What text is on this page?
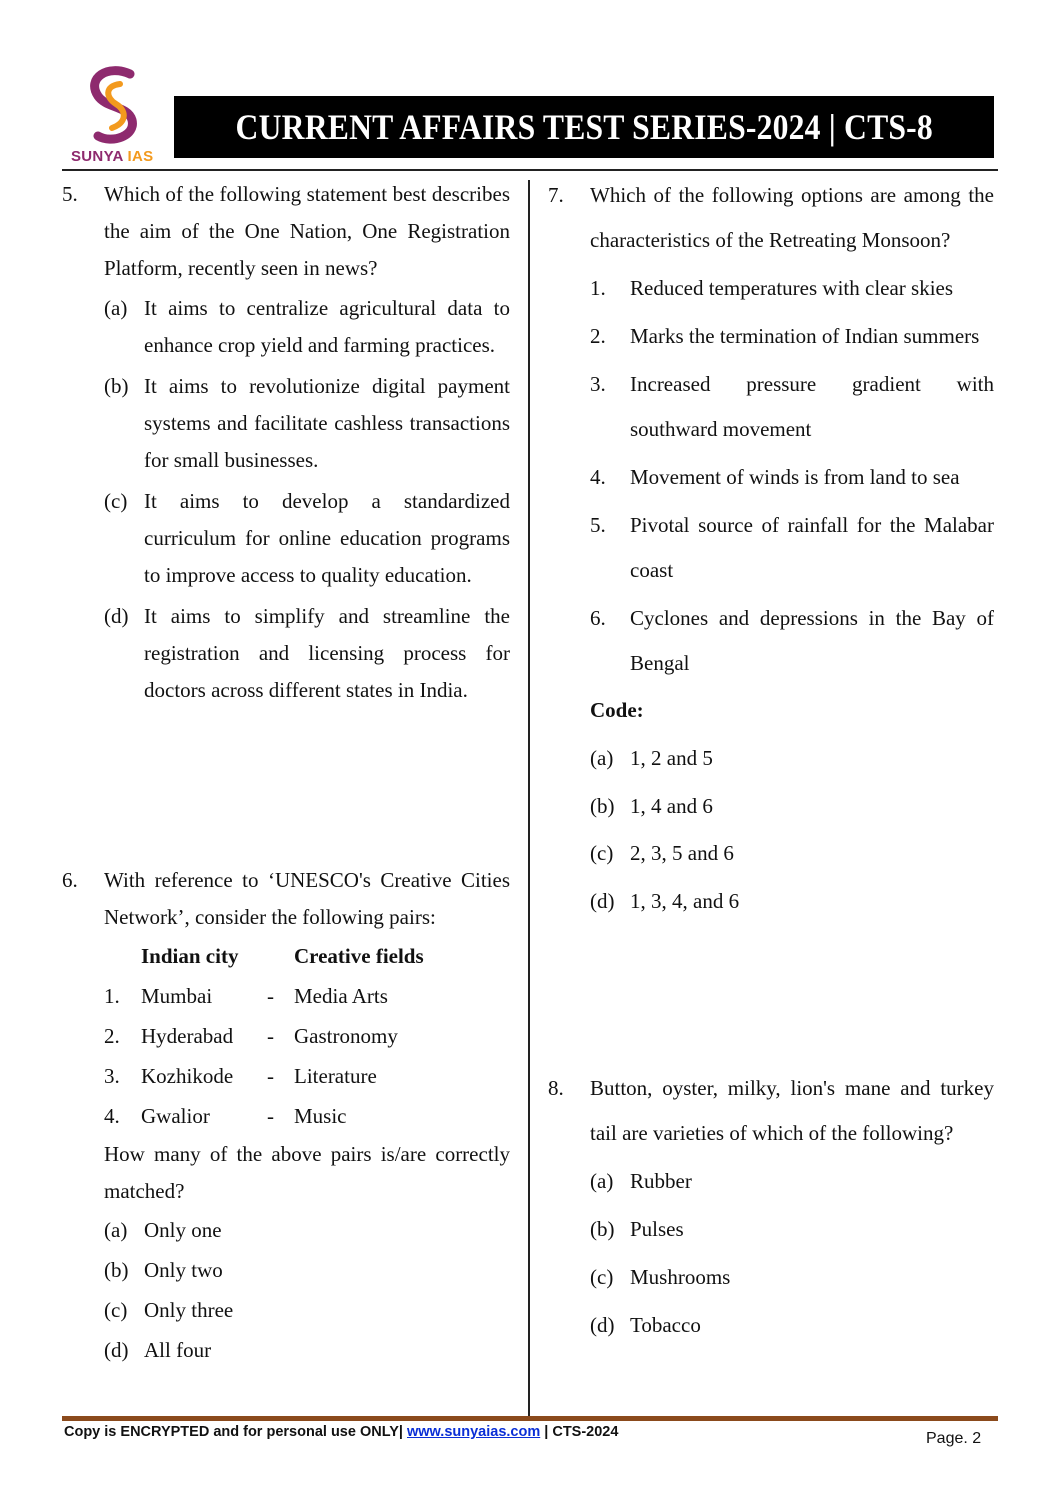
SUNYA IAS
CURRENT AFFAIRS TEST SERIES-2024 | CTS-8
5.	Which of the following statement best describes the aim of the One Nation, One Registration Platform, recently seen in news?
(a) It aims to centralize agricultural data to enhance crop yield and farming practices.
(b) It aims to revolutionize digital payment systems and facilitate cashless transactions for small businesses.
(c) It aims to develop a standardized curriculum for online education programs to improve access to quality education.
(d) It aims to simplify and streamline the registration and licensing process for doctors across different states in India.
6.	With reference to ‘UNESCO's Creative Cities Network’, consider the following pairs:
Indian city	Creative fields
1.	Mumbai	- Media Arts
2.	Hyderabad	- Gastronomy
3.	Kozhikode	- Literature
4.	Gwalior	- Music
How many of the above pairs is/are correctly matched?
(a) Only one
(b) Only two
(c) Only three
(d) All four
7.	Which of the following options are among the characteristics of the Retreating Monsoon?
1.	Reduced temperatures with clear skies
2.	Marks the termination of Indian summers
3.	Increased pressure gradient with southward movement
4.	Movement of winds is from land to sea
5.	Pivotal source of rainfall for the Malabar coast
6.	Cyclones and depressions in the Bay of Bengal
Code:
(a) 1, 2 and 5
(b) 1, 4 and 6
(c) 2, 3, 5 and 6
(d) 1, 3, 4, and 6
8.	Button, oyster, milky, lion's mane and turkey tail are varieties of which of the following?
(a) Rubber
(b) Pulses
(c) Mushrooms
(d) Tobacco
Copy is ENCRYPTED and for personal use ONLY| www.sunyaias.com | CTS-2024	Page. 2
